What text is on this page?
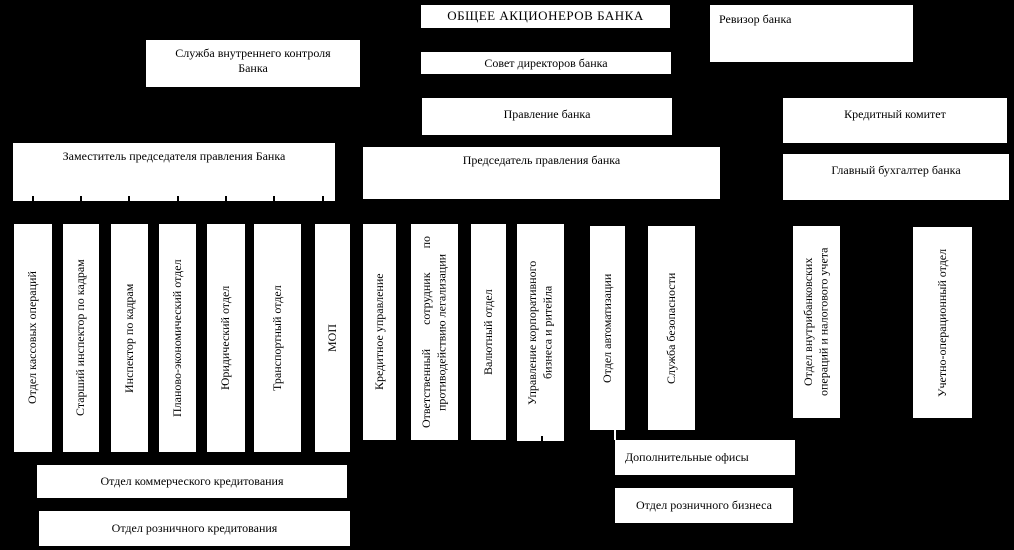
ОБЩЕЕ АКЦИОНЕРОВ БАНКА	Ревизор банка
Служба внутреннего контроля
Банка	Совет директоров банка
Правление банка	Кредитный комитет
Заместитель председателя правления Банка	Председатель правления банка
Главный бухгалтер банка
Отдел кассовых операций	Старший инспектор по кадрам	Инспектор по кадрам	Планово-экономический отдел	Юридический отдел	Транспортный отдел	МОП	Кредитное управление	Ответственный сотрудник по противодействию легализации	Валютный отдел	Управление корпоративного бизнеса и ритейла	Отдел автоматизации	Служба безопасности	Отдел внутрибанковских операций и налогового учета	Учетно-операционный отдел
Отдел коммерческого кредитования
Отдел розничного кредитования
Дополнительные офисы
Отдел розничного бизнеса
